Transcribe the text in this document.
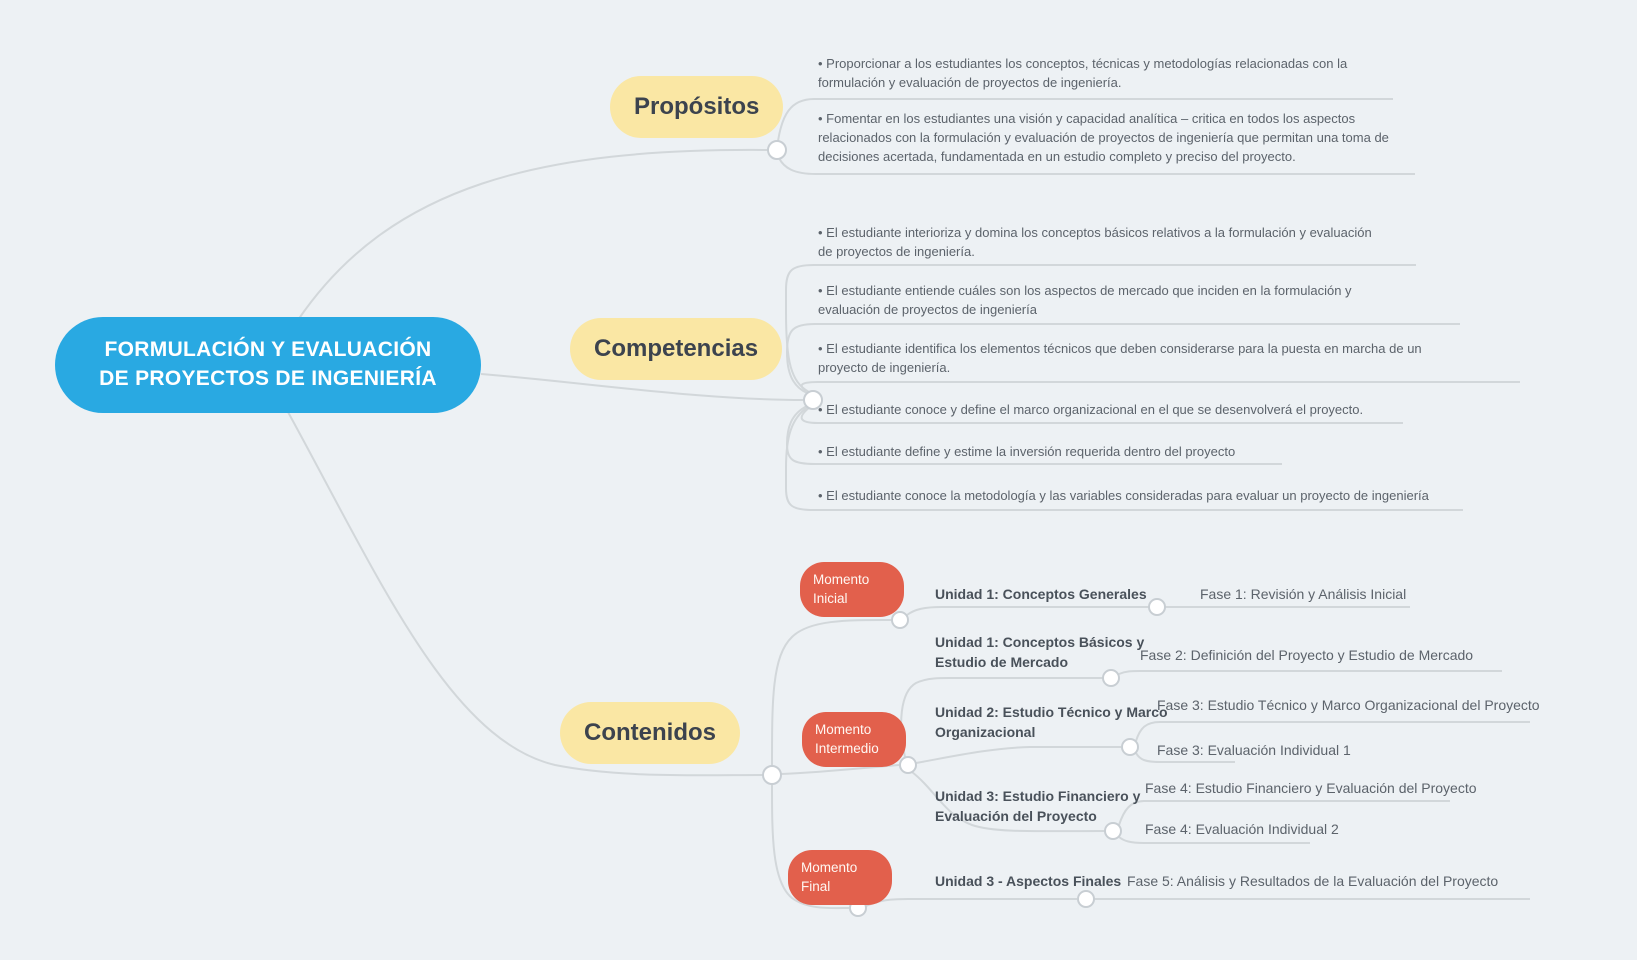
FORMULACIÓN Y EVALUACIÓN
DE PROYECTOS DE INGENIERÍA
Propósitos
• Proporcionar a los estudiantes los conceptos, técnicas y metodologías relacionadas con la formulación y evaluación de proyectos de ingeniería.
• Fomentar en los estudiantes una visión y capacidad analítica – critica en todos los aspectos relacionados con la formulación y evaluación de proyectos de ingeniería que permitan una toma de decisiones acertada, fundamentada en un estudio completo y preciso del proyecto.
Competencias
• El estudiante interioriza y domina los conceptos básicos relativos a la formulación y evaluación de proyectos de ingeniería.
• El estudiante entiende cuáles son los aspectos de mercado que inciden en la formulación y evaluación de proyectos de ingeniería
• El estudiante identifica los elementos técnicos que deben considerarse para la puesta en marcha de un proyecto de ingeniería.
• El estudiante conoce y define el marco organizacional en el que se desenvolverá el proyecto.
• El estudiante define y estime la inversión requerida dentro del proyecto
• El estudiante conoce la metodología y las variables consideradas para evaluar un proyecto de ingeniería
Contenidos
Momento Inicial
Momento Intermedio
Momento Final
Unidad 1: Conceptos Generales	Fase 1: Revisión y Análisis Inicial
Unidad 1: Conceptos Básicos y Estudio de Mercado	Fase 2: Definición del Proyecto y Estudio de Mercado
Unidad 2: Estudio Técnico y Marco Organizacional
Fase 3: Estudio Técnico y Marco Organizacional del Proyecto
Fase 3: Evaluación Individual 1
Unidad 3: Estudio Financiero y Evaluación del Proyecto
Fase 4: Estudio Financiero y Evaluación del Proyecto
Fase 4: Evaluación Individual 2
Unidad 3 - Aspectos Finales Fase 5: Análisis y Resultados de la Evaluación del Proyecto
